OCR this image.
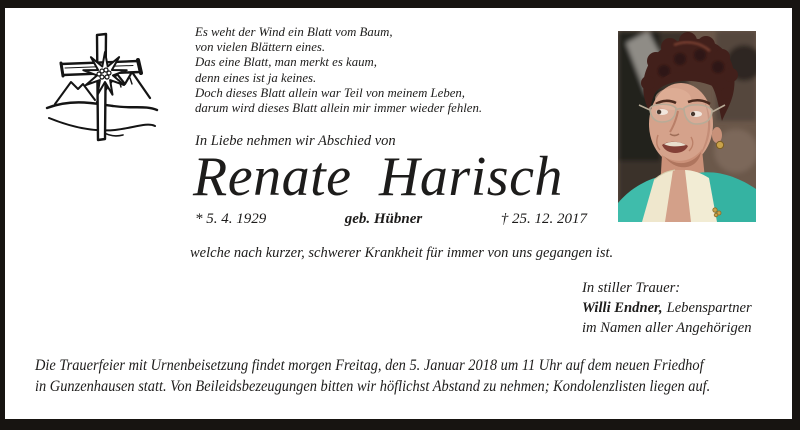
Es weht der Wind ein Blatt vom Baum,
von vielen Blättern eines.
Das eine Blatt, man merkt es kaum,
denn eines ist ja keines.
Doch dieses Blatt allein war Teil von meinem Leben,
darum wird dieses Blatt allein mir immer wieder fehlen.
In Liebe nehmen wir Abschied von
Renate Harisch
* 5. 4. 1929	geb. Hübner	† 25. 12. 2017
welche nach kurzer, schwerer Krankheit für immer von uns gegangen ist.
In stiller Trauer:
Willi Endner, Lebenspartner
im Namen aller Angehörigen
Die Trauerfeier mit Urnenbeisetzung findet morgen Freitag, den 5. Januar 2018 um 11 Uhr auf dem neuen Friedhof
in Gunzenhausen statt. Von Beileidsbezeugungen bitten wir höflichst Abstand zu nehmen; Kondolenzlisten liegen auf.
